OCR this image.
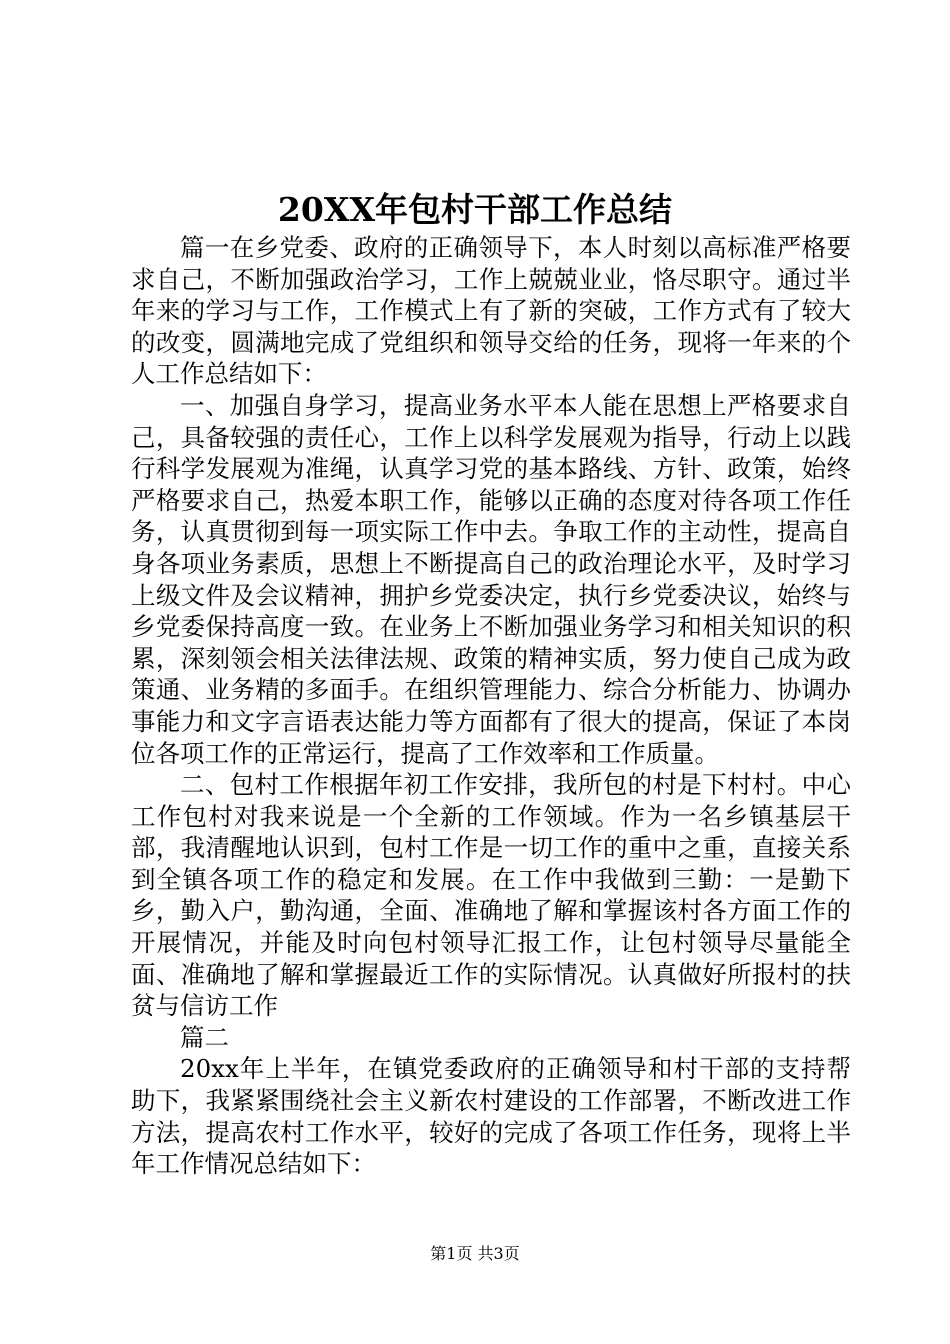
20XX年包村干部工作总结

篇一在乡党委、政府的正确领导下，本人时刻以高标准严格要求自己，不断加强政治学习，工作上兢兢业业，恪尽职守。通过半年来的学习与工作，工作模式上有了新的突破，工作方式有了较大的改变，圆满地完成了党组织和领导交给的任务，现将一年来的个人工作总结如下：

一、加强自身学习，提高业务水平本人能在思想上严格要求自己，具备较强的责任心，工作上以科学发展观为指导，行动上以践行科学发展观为准绳，认真学习党的基本路线、方针、政策，始终严格要求自己，热爱本职工作，能够以正确的态度对待各项工作任务，认真贯彻到每一项实际工作中去。争取工作的主动性，提高自身各项业务素质，思想上不断提高自己的政治理论水平，及时学习上级文件及会议精神，拥护乡党委决定，执行乡党委决议，始终与乡党委保持高度一致。在业务上不断加强业务学习和相关知识的积累，深刻领会相关法律法规、政策的精神实质，努力使自己成为政策通、业务精的多面手。在组织管理能力、综合分析能力、协调办事能力和文字言语表达能力等方面都有了很大的提高，保证了本岗位各项工作的正常运行，提高了工作效率和工作质量。

二、包村工作根据年初工作安排，我所包的村是下村村。中心工作包村对我来说是一个全新的工作领域。作为一名乡镇基层干部，我清醒地认识到，包村工作是一切工作的重中之重，直接关系到全镇各项工作的稳定和发展。在工作中我做到三勤：一是勤下乡，勤入户，勤沟通，全面、准确地了解和掌握该村各方面工作的开展情况，并能及时向包村领导汇报工作，让包村领导尽量能全面、准确地了解和掌握最近工作的实际情况。认真做好所报村的扶贫与信访工作

篇二

20xx年上半年，在镇党委政府的正确领导和村干部的支持帮助下，我紧紧围绕社会主义新农村建设的工作部署，不断改进工作方法，提高农村工作水平，较好的完成了各项工作任务，现将上半年工作情况总结如下：

第1页 共3页
